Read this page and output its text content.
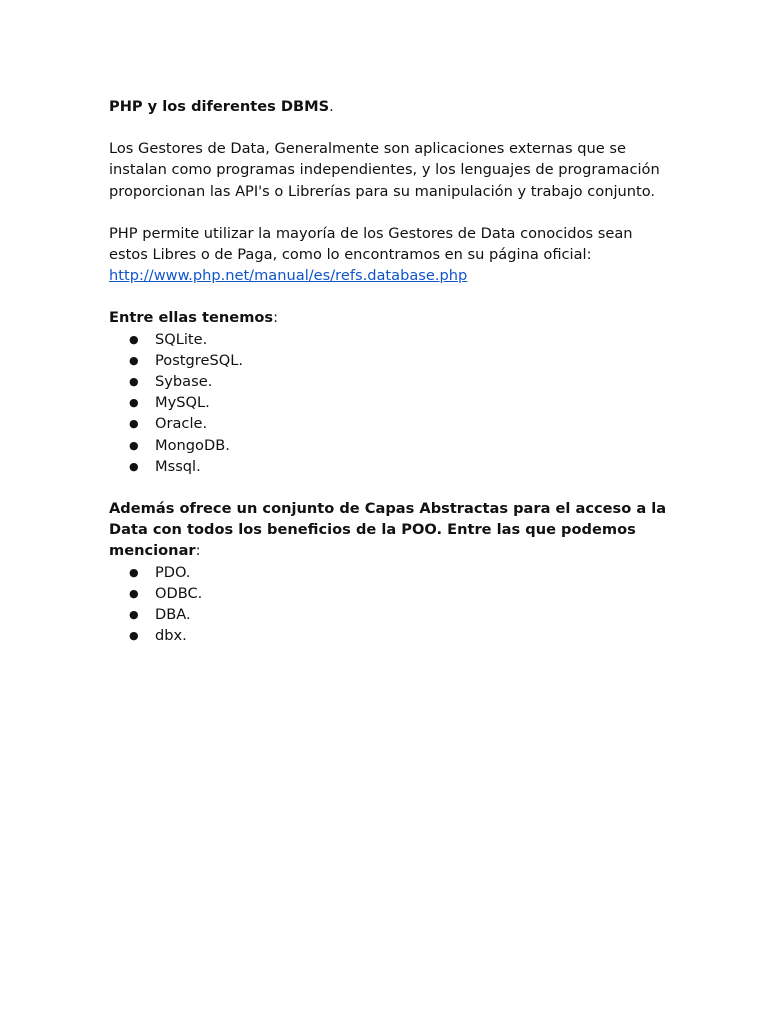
PHP y los diferentes DBMS.

Los Gestores de Data, Generalmente son aplicaciones externas que se instalan como programas independientes, y los lenguajes de programación proporcionan las API's o Librerías para su manipulación y trabajo conjunto.

PHP permite utilizar la mayoría de los Gestores de Data conocidos sean estos Libres o de Paga, como lo encontramos en su página oficial:

http://www.php.net/manual/es/refs.database.php

Entre ellas tenemos:

● SQLite.
● PostgreSQL.
● Sybase.
● MySQL.
● Oracle.
● MongoDB.
● Mssql.

Además ofrece un conjunto de Capas Abstractas para el acceso a la Data con todos los beneficios de la POO. Entre las que podemos mencionar:

● PDO.
● ODBC.
● DBA.
● dbx.
